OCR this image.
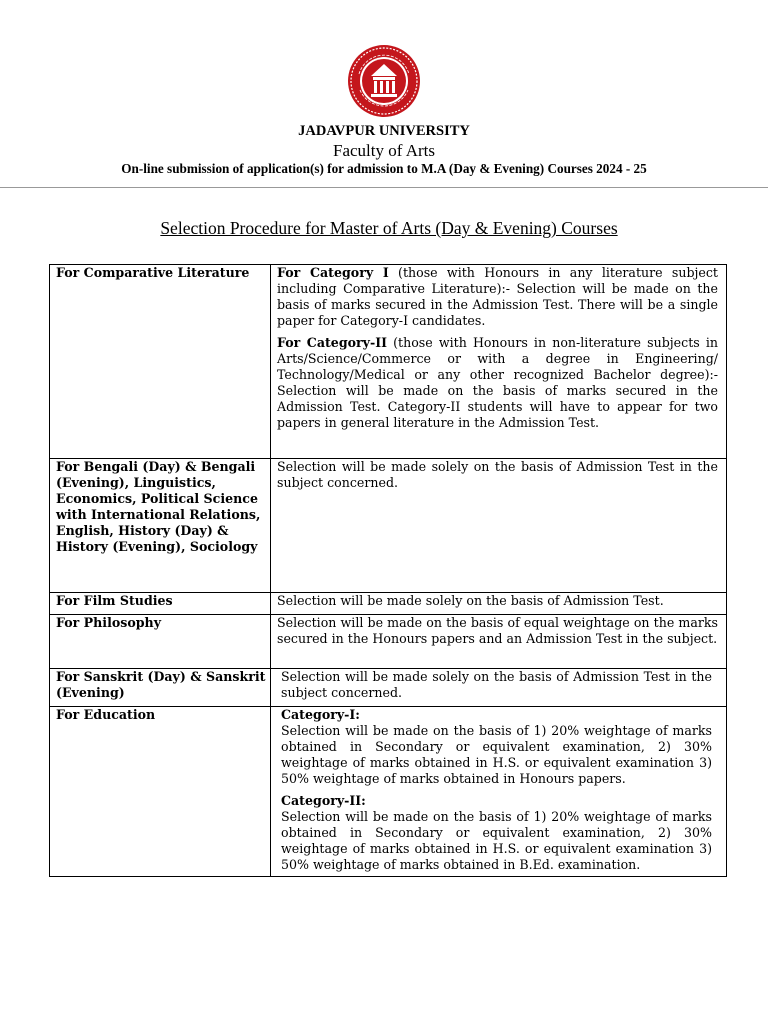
JADAVPUR UNIVERSITY
Faculty of Arts
On-line submission of application(s) for admission to M.A (Day & Evening) Courses 2024 - 25
Selection Procedure for Master of Arts (Day & Evening) Courses
For Comparative Literature	For Category I (those with Honours in any literature subject including Comparative Literature):- Selection will be made on the basis of marks secured in the Admission Test. There will be a single paper for Category-I candidates.

For Category-II (those with Honours in non-literature subjects in Arts/Science/Commerce or with a degree in Engineering/ Technology/Medical or any other recognized Bachelor degree):- Selection will be made on the basis of marks secured in the Admission Test. Category-II students will have to appear for two papers in general literature in the Admission Test.

For Bengali (Day) & Bengali (Evening), Linguistics, Economics, Political Science with International Relations, English, History (Day) & History (Evening), Sociology	Selection will be made solely on the basis of Admission Test in the subject concerned.
For Film Studies	Selection will be made solely on the basis of Admission Test.
For Philosophy	Selection will be made on the basis of equal weightage on the marks secured in the Honours papers and an Admission Test in the subject.
For Sanskrit (Day) & Sanskrit (Evening)	Selection will be made solely on the basis of Admission Test in the subject concerned.
For Education	Category-I:
Selection will be made on the basis of 1) 20% weightage of marks obtained in Secondary or equivalent examination, 2) 30% weightage of marks obtained in H.S. or equivalent examination 3) 50% weightage of marks obtained in Honours papers.

Category-II:
Selection will be made on the basis of 1) 20% weightage of marks obtained in Secondary or equivalent examination, 2) 30% weightage of marks obtained in H.S. or equivalent examination 3) 50% weightage of marks obtained in B.Ed. examination.
